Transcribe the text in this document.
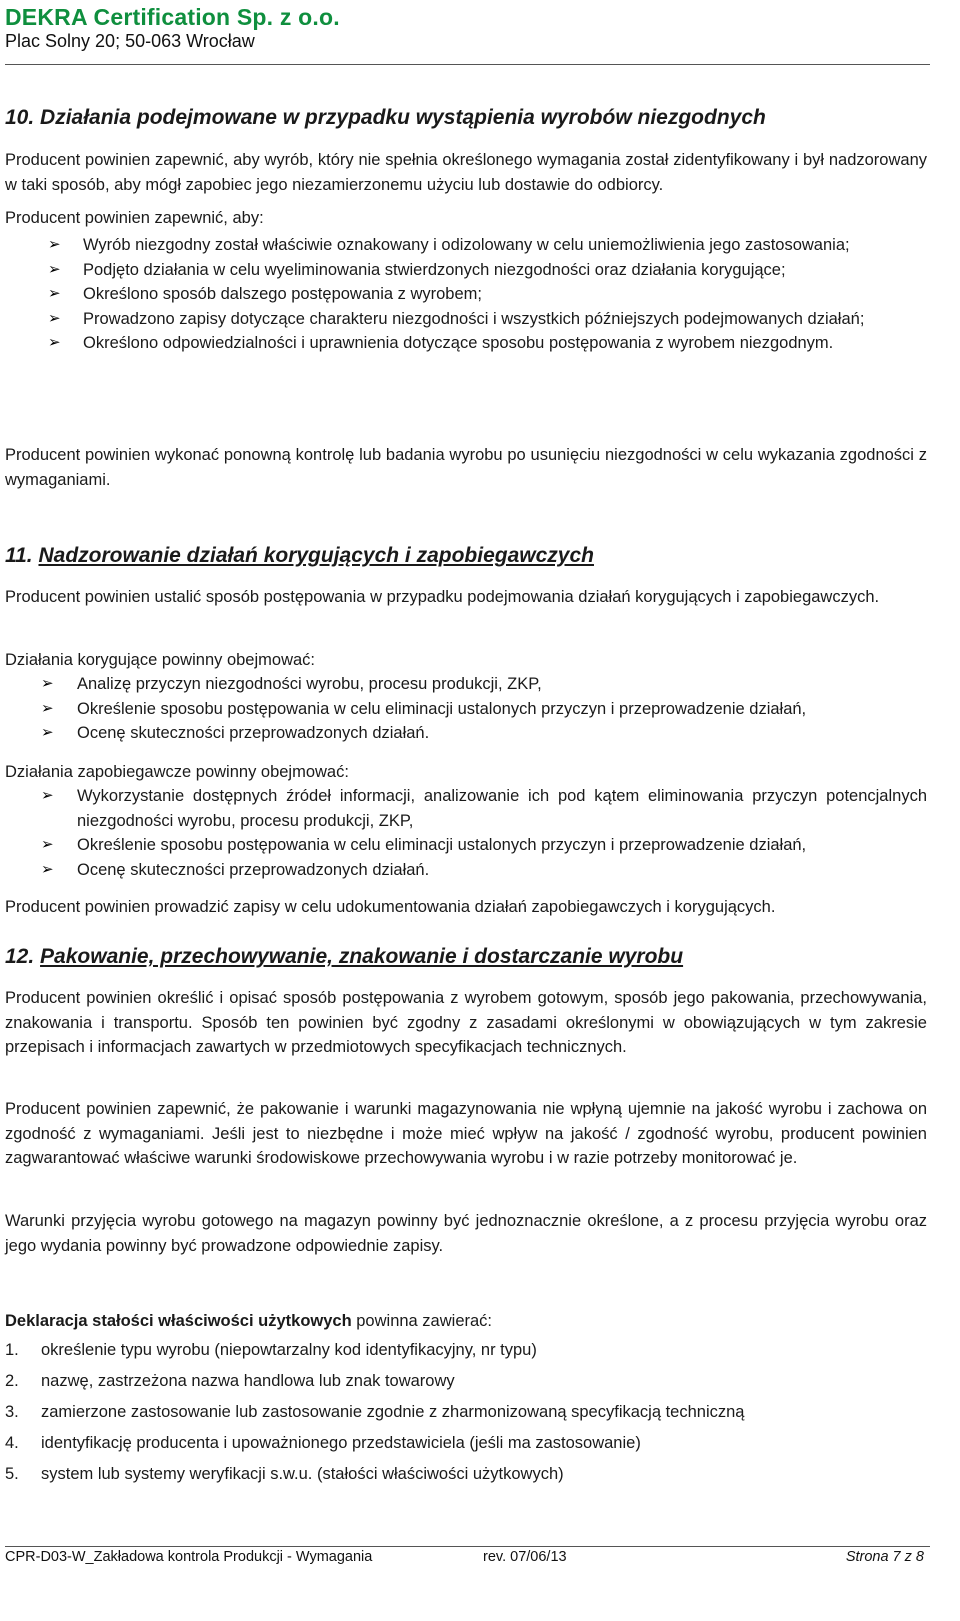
DEKRA Certification Sp. z o.o.
Plac Solny 20; 50-063 Wrocław
10. Działania podejmowane w przypadku wystąpienia wyrobów niezgodnych
Producent powinien zapewnić, aby wyrób, który nie spełnia określonego wymagania został zidentyfikowany i był nadzorowany w taki sposób, aby mógł zapobiec jego niezamierzonemu użyciu lub dostawie do odbiorcy.
Producent powinien zapewnić, aby:
➢ Wyrób niezgodny został właściwie oznakowany i odizolowany w celu uniemożliwienia jego zastosowania;
➢ Podjęto działania w celu wyeliminowania stwierdzonych niezgodności oraz działania korygujące;
➢ Określono sposób dalszego postępowania z wyrobem;
➢ Prowadzono zapisy dotyczące charakteru niezgodności i wszystkich późniejszych podejmowanych działań;
➢ Określono odpowiedzialności i uprawnienia dotyczące sposobu postępowania z wyrobem niezgodnym.
Producent powinien wykonać ponowną kontrolę lub badania wyrobu po usunięciu niezgodności w celu wykazania zgodności z wymaganiami.
11. Nadzorowanie działań korygujących i zapobiegawczych
Producent powinien ustalić sposób postępowania w przypadku podejmowania działań korygujących i zapobiegawczych.
Działania korygujące powinny obejmować:
➢ Analizę przyczyn niezgodności wyrobu, procesu produkcji, ZKP,
➢ Określenie sposobu postępowania w celu eliminacji ustalonych przyczyn i przeprowadzenie działań,
➢ Ocenę skuteczności przeprowadzonych działań.
Działania zapobiegawcze powinny obejmować:
➢ Wykorzystanie dostępnych źródeł informacji, analizowanie ich pod kątem eliminowania przyczyn potencjalnych niezgodności wyrobu, procesu produkcji, ZKP,
➢ Określenie sposobu postępowania w celu eliminacji ustalonych przyczyn i przeprowadzenie działań,
➢ Ocenę skuteczności przeprowadzonych działań.
Producent powinien prowadzić zapisy w celu udokumentowania działań zapobiegawczych i korygujących.
12. Pakowanie, przechowywanie, znakowanie i dostarczanie wyrobu
Producent powinien określić i opisać sposób postępowania z wyrobem gotowym, sposób jego pakowania, przechowywania, znakowania i transportu. Sposób ten powinien być zgodny z zasadami określonymi w obowiązujących w tym zakresie przepisach i informacjach zawartych w przedmiotowych specyfikacjach technicznych.
Producent powinien zapewnić, że pakowanie i warunki magazynowania nie wpłyną ujemnie na jakość wyrobu i zachowa on zgodność z wymaganiami. Jeśli jest to niezbędne i może mieć wpływ na jakość / zgodność wyrobu, producent powinien zagwarantować właściwe warunki środowiskowe przechowywania wyrobu i w razie potrzeby monitorować je.
Warunki przyjęcia wyrobu gotowego na magazyn powinny być jednoznacznie określone, a z procesu przyjęcia wyrobu oraz jego wydania powinny być prowadzone odpowiednie zapisy.
Deklaracja stałości właściwości użytkowych powinna zawierać:
1. określenie typu wyrobu (niepowtarzalny kod identyfikacyjny, nr typu)
2. nazwę, zastrzeżona nazwa handlowa lub znak towarowy
3. zamierzone zastosowanie lub zastosowanie zgodnie z zharmonizowaną specyfikacją techniczną
4. identyfikację producenta i upoważnionego przedstawiciela (jeśli ma zastosowanie)
5. system lub systemy weryfikacji s.w.u. (stałości właściwości użytkowych)
CPR-D03-W_Zakładowa kontrola Produkcji - Wymagania	rev. 07/06/13	Strona 7 z 8
